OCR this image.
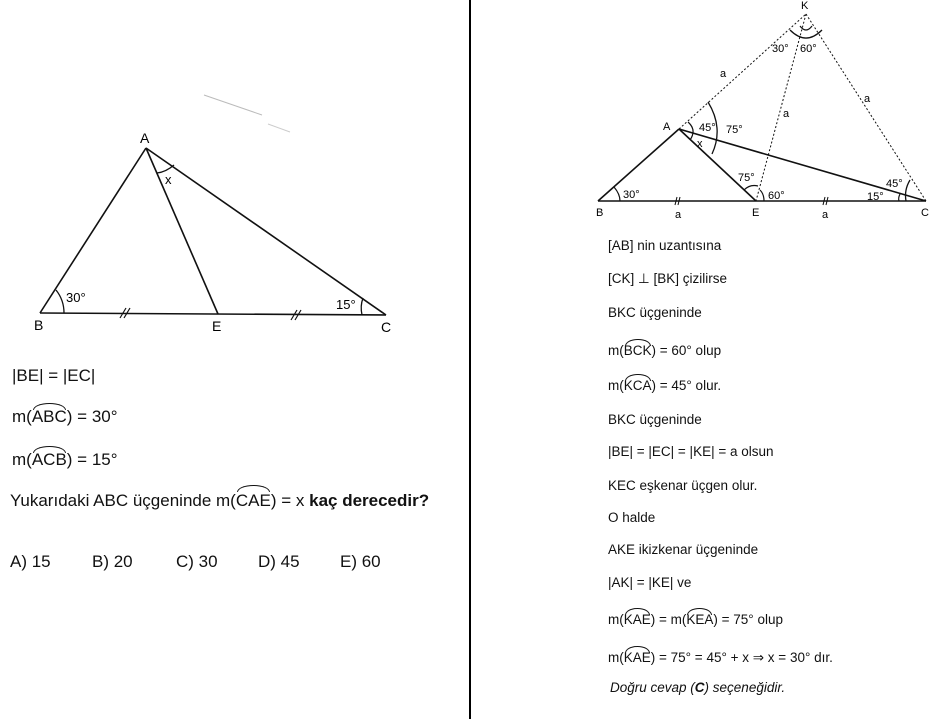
A
B	E	C
x
30°	15°
|BE| = |EC|
m(ABC) = 30°
m(ACB) = 15°
Yukarıdaki ABC üçgeninde m(CAE) = x kaç derecedir?
A) 15 B) 20	C) 30 D) 45 E) 60
K
30° 60°
a
a
a
A	45° 75°
x
75°
60°
30°
45°
15°
B	E	C
a	a
[AB] nin uzantısına
[CK] ⊥ [BK] çizilirse
BKC üçgeninde
m(BCK) = 60° olup
m(KCA) = 45° olur.
BKC üçgeninde
|BE| = |EC| = |KE| = a olsun
KEC eşkenar üçgen olur.
O halde
AKE ikizkenar üçgeninde
|AK| = |KE| ve
m(KAE) = m(KEA) = 75° olup
m(KAE) = 75° = 45° + x ⇒ x = 30° dır.
Doğru cevap (C) seçeneğidir.
